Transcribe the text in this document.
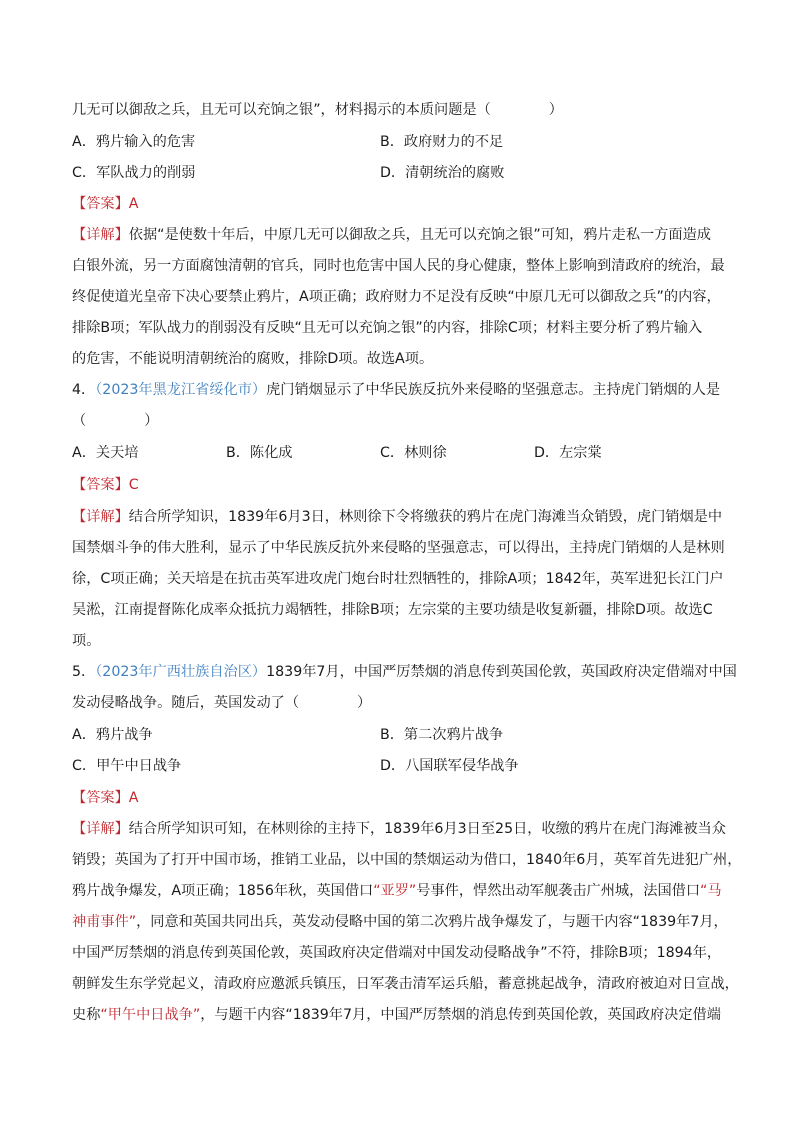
几无可以御敌之兵，且无可以充饷之银”，材料揭示的本质问题是（	）
A．鸦片输入的危害	B．政府财力的不足
C．军队战力的削弱	D．清朝统治的腐败
【答案】A
【详解】依据“是使数十年后，中原几无可以御敌之兵，且无可以充饷之银”可知，鸦片走私一方面造成
白银外流，另一方面腐蚀清朝的官兵，同时也危害中国人民的身心健康，整体上影响到清政府的统治，最
终促使道光皇帝下决心要禁止鸦片，A项正确；政府财力不足没有反映“中原几无可以御敌之兵”的内容，
排除B项；军队战力的削弱没有反映“且无可以充饷之银”的内容，排除C项；材料主要分析了鸦片输入
的危害，不能说明清朝统治的腐败，排除D项。故选A项。
4．（2023年黑龙江省绥化市）虎门销烟显示了中华民族反抗外来侵略的坚强意志。主持虎门销烟的人是
（	）
A．关天培	B．陈化成	C．林则徐	D．左宗棠
【答案】C
【详解】结合所学知识，1839年6月3日，林则徐下令将缴获的鸦片在虎门海滩当众销毁，虎门销烟是中
国禁烟斗争的伟大胜利，显示了中华民族反抗外来侵略的坚强意志，可以得出，主持虎门销烟的人是林则
徐，C项正确；关天培是在抗击英军进攻虎门炮台时壮烈牺牲的，排除A项；1842年，英军进犯长江门户
吴淞，江南提督陈化成率众抵抗力竭牺牲，排除B项；左宗棠的主要功绩是收复新疆，排除D项。故选C
项。
5．（2023年广西壮族自治区）1839年7月，中国严厉禁烟的消息传到英国伦敦，英国政府决定借端对中国
发动侵略战争。随后，英国发动了（	）
A．鸦片战争	B．第二次鸦片战争
C．甲午中日战争	D．八国联军侵华战争
【答案】A
【详解】结合所学知识可知，在林则徐的主持下，1839年6月3日至25日，收缴的鸦片在虎门海滩被当众
销毁；英国为了打开中国市场，推销工业品，以中国的禁烟运动为借口，1840年6月，英军首先进犯广州，
鸦片战争爆发，A项正确；1856年秋，英国借口“亚罗”号事件，悍然出动军舰袭击广州城，法国借口“马
神甫事件”，同意和英国共同出兵，英发动侵略中国的第二次鸦片战争爆发了，与题干内容“1839年7月，
中国严厉禁烟的消息传到英国伦敦，英国政府决定借端对中国发动侵略战争”不符，排除B项；1894年，
朝鲜发生东学党起义，清政府应邀派兵镇压，日军袭击清军运兵船，蓄意挑起战争，清政府被迫对日宣战，
史称“甲午中日战争”，与题干内容“1839年7月，中国严厉禁烟的消息传到英国伦敦，英国政府决定借端
